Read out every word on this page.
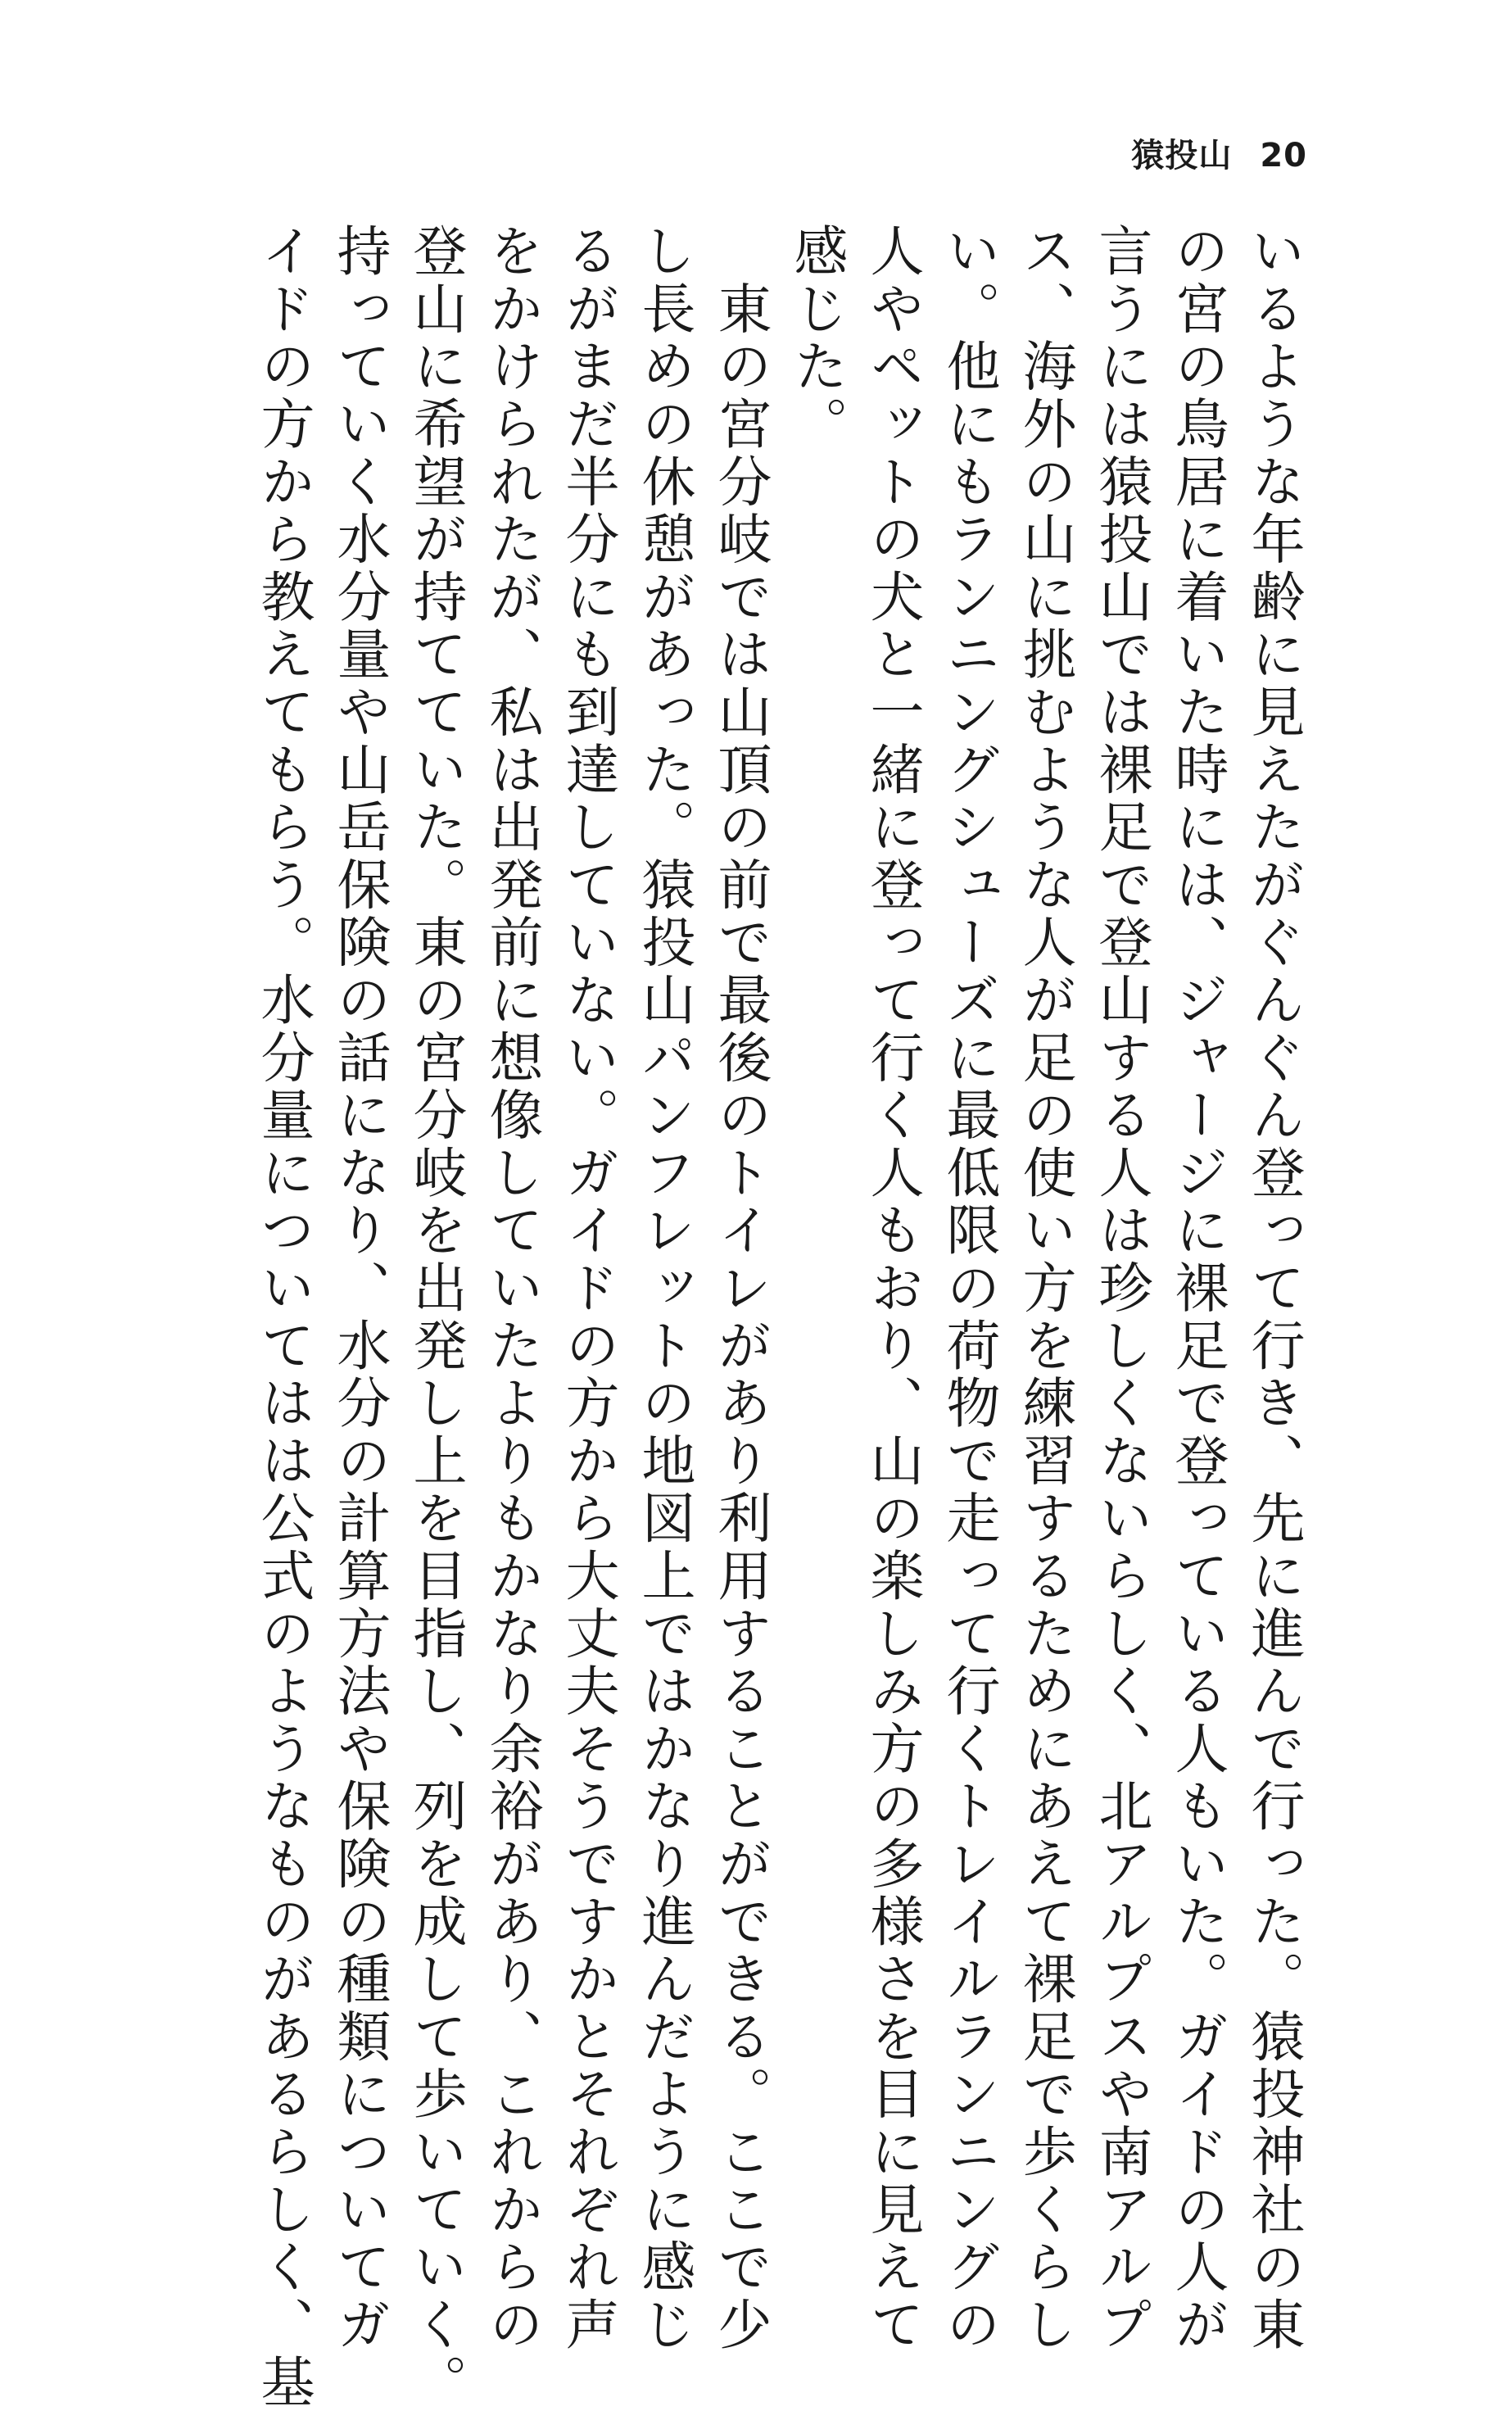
猿投山 20
いるような年齢に見えたがぐんぐん登って行き、先に進んで行った。猿投神社の東
の宮の鳥居に着いた時には、ジャージに裸足で登っている人もいた。ガイドの人が
言うには猿投山では裸足で登山する人は珍しくないらしく、北アルプスや南アルプ
ス、海外の山に挑むような人が足の使い方を練習するためにあえて裸足で歩くらし
い。他にもランニングシューズに最低限の荷物で走って行くトレイルランニングの
人やペットの犬と一緒に登って行く人もおり、山の楽しみ方の多様さを目に見えて
感じた。
　東の宮分岐では山頂の前で最後のトイレがあり利用することができる。ここで少
し長めの休憩があった。猿投山パンフレットの地図上ではかなり進んだように感じ
るがまだ半分にも到達していない。ガイドの方から大丈夫そうですかとそれぞれ声
をかけられたが、私は出発前に想像していたよりもかなり余裕があり、これからの
登山に希望が持てていた。東の宮分岐を出発し上を目指し、列を成して歩いていく。
持っていく水分量や山岳保険の話になり、水分の計算方法や保険の種類についてガ
イドの方から教えてもらう。水分量についてはは公式のようなものがあるらしく、基
